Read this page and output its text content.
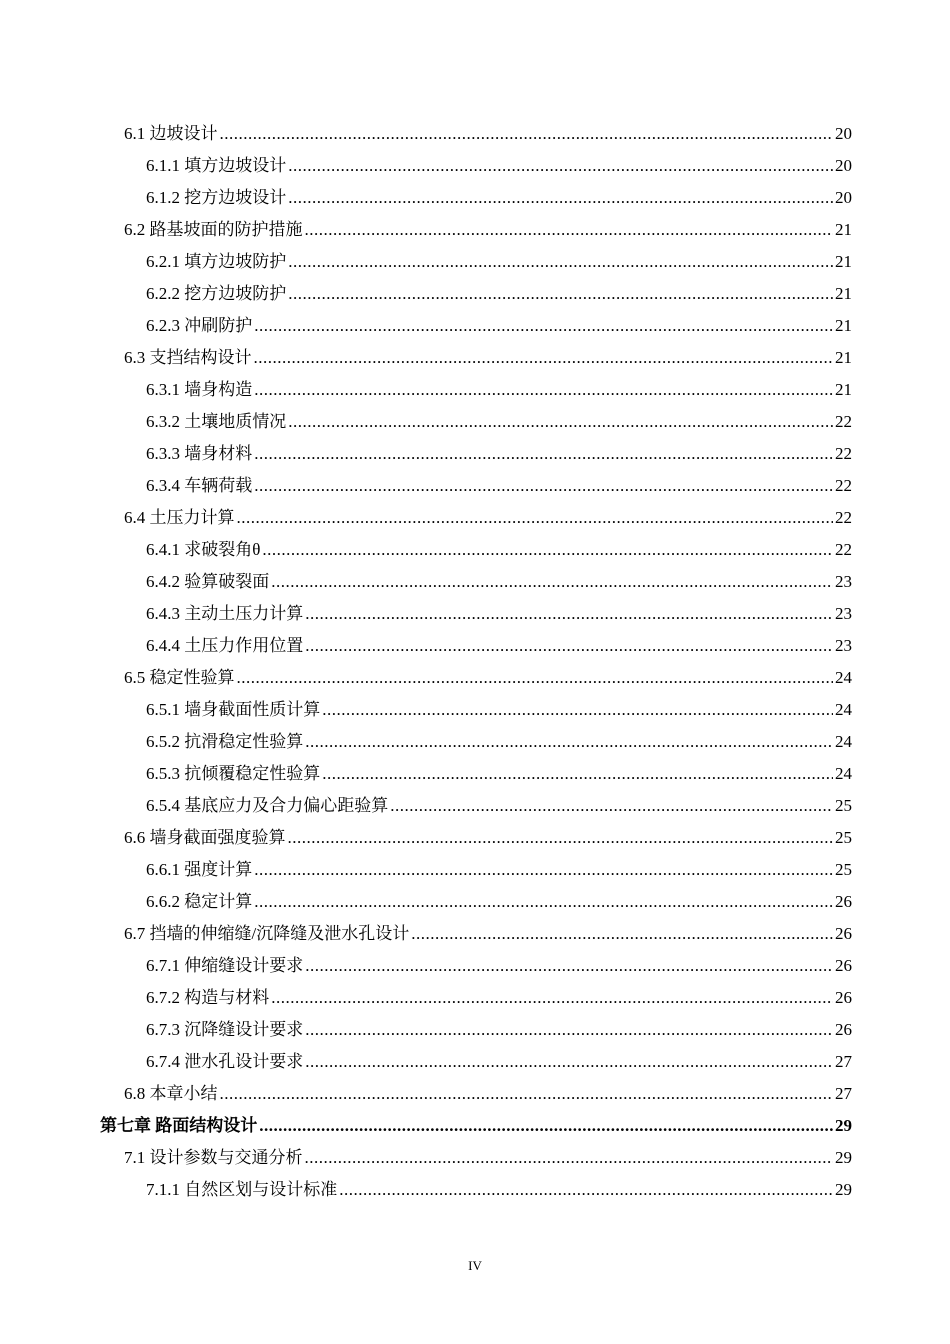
6.1 边坡设计 .....	20
6.1.1 填方边坡设计 .....	20
6.1.2 挖方边坡设计 .....	20
6.2 路基坡面的防护措施 .....	21
6.2.1 填方边坡防护 .....	21
6.2.2 挖方边坡防护 .....	21
6.2.3 冲刷防护 .....	21
6.3 支挡结构设计 .....	21
6.3.1 墙身构造 .....	21
6.3.2 土壤地质情况 .....	22
6.3.3 墙身材料 .....	22
6.3.4 车辆荷载 .....	22
6.4 土压力计算 .....	22
6.4.1 求破裂角θ .....	22
6.4.2 验算破裂面 .....	23
6.4.3 主动土压力计算 .....	23
6.4.4 土压力作用位置 .....	23
6.5 稳定性验算 .....	24
6.5.1 墙身截面性质计算 .....	24
6.5.2 抗滑稳定性验算 .....	24
6.5.3 抗倾覆稳定性验算 .....	24
6.5.4 基底应力及合力偏心距验算 .....	25
6.6 墙身截面强度验算 .....	25
6.6.1 强度计算 .....	25
6.6.2 稳定计算 .....	26
6.7 挡墙的伸缩缝/沉降缝及泄水孔设计 .....	26
6.7.1 伸缩缝设计要求 .....	26
6.7.2 构造与材料 .....	26
6.7.3 沉降缝设计要求 .....	26
6.7.4 泄水孔设计要求 .....	27
6.8 本章小结 .....	27
第七章 路面结构设计 .....	29
7.1 设计参数与交通分析 .....	29
7.1.1 自然区划与设计标准 .....	29
IV
